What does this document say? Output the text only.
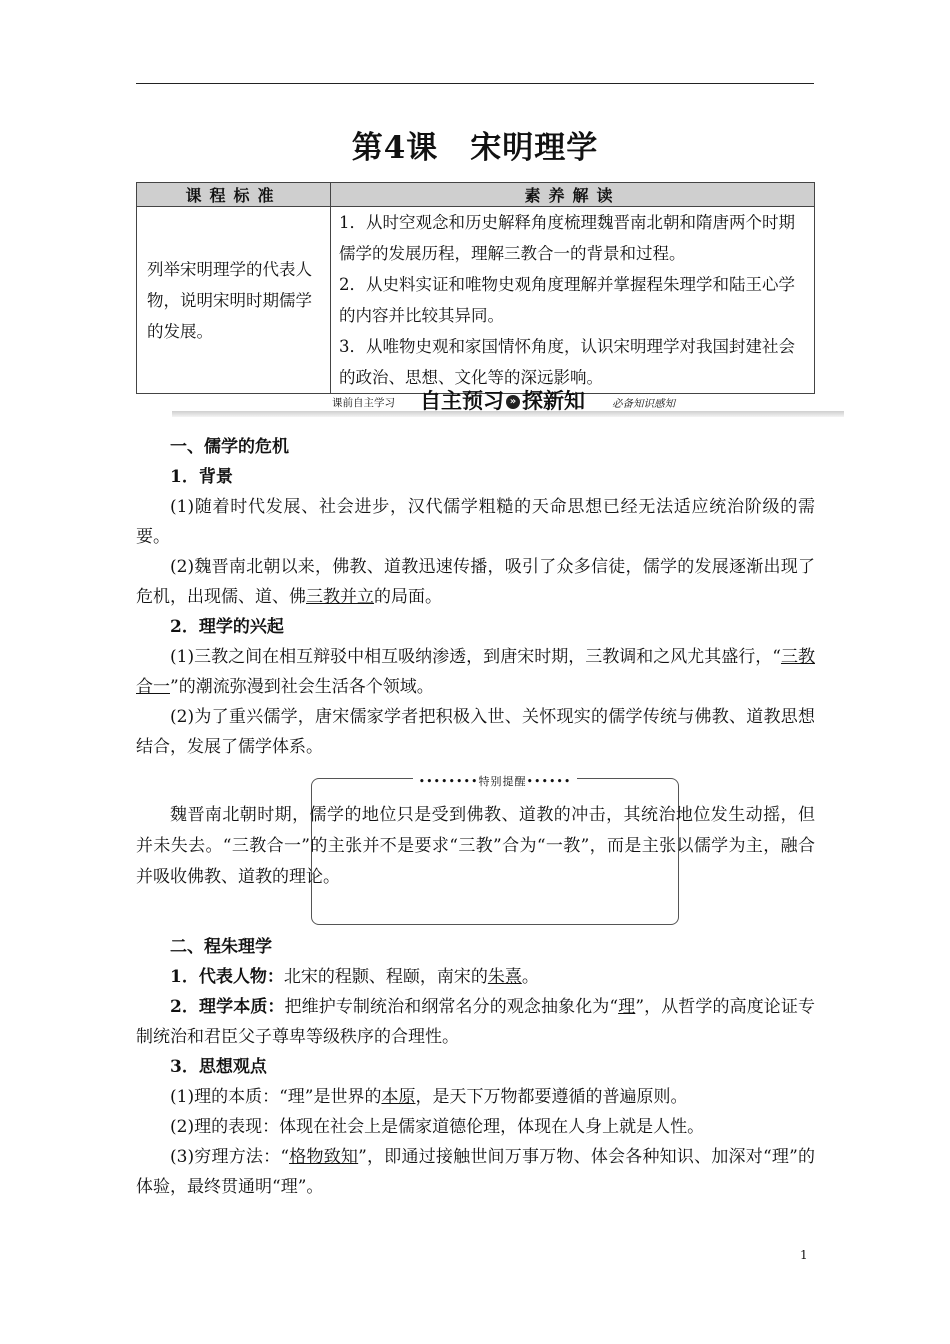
第4课 宋明理学
课程标准	素养解读
列举宋明理学的代表人物，说明宋明时期儒学的发展。	1．从时空观念和历史解释角度梳理魏晋南北朝和隋唐两个时期儒学的发展历程，理解三教合一的背景和过程。
2．从史料实证和唯物史观角度理解并掌握程朱理学和陆王心学的内容并比较其异同。
3．从唯物史观和家国情怀角度，认识宋明理学对我国封建社会的政治、思想、文化等的深远影响。
课前自主学习 自主预习 » 探新知	必备知识感知

一、儒学的危机

1．背景

(1)随着时代发展、社会进步，汉代儒学粗糙的天命思想已经无法适应统治阶级的需要。

(2)魏晋南北朝以来，佛教、道教迅速传播，吸引了众多信徒，儒学的发展逐渐出现了危机，出现儒、道、佛三教并立的局面。

2．理学的兴起

(1)三教之间在相互辩驳中相互吸纳渗透，到唐宋时期，三教调和之风尤其盛行，“三教合一”的潮流弥漫到社会生活各个领域。

(2)为了重兴儒学，唐宋儒家学者把积极入世、关怀现实的儒学传统与佛教、道教思想结合，发展了儒学体系。

••••••••特别提醒••••••
魏晋南北朝时期，儒学的地位只是受到佛教、道教的冲击，其统治地位发生动摇，但并未失去。“三教合一”的主张并不是要求“三教”合为“一教”，而是主张以儒学为主，融合并吸收佛教、道教的理论。

二、程朱理学

1．代表人物：北宋的程颢、程颐，南宋的朱熹。

2．理学本质：把维护专制统治和纲常名分的观念抽象化为“理”，从哲学的高度论证专制统治和君臣父子尊卑等级秩序的合理性。

3．思想观点

(1)理的本质：“理”是世界的本原，是天下万物都要遵循的普遍原则。

(2)理的表现：体现在社会上是儒家道德伦理，体现在人身上就是人性。

(3)穷理方法：“格物致知”，即通过接触世间万事万物、体会各种知识、加深对“理”的体验，最终贯通明“理”。

1
